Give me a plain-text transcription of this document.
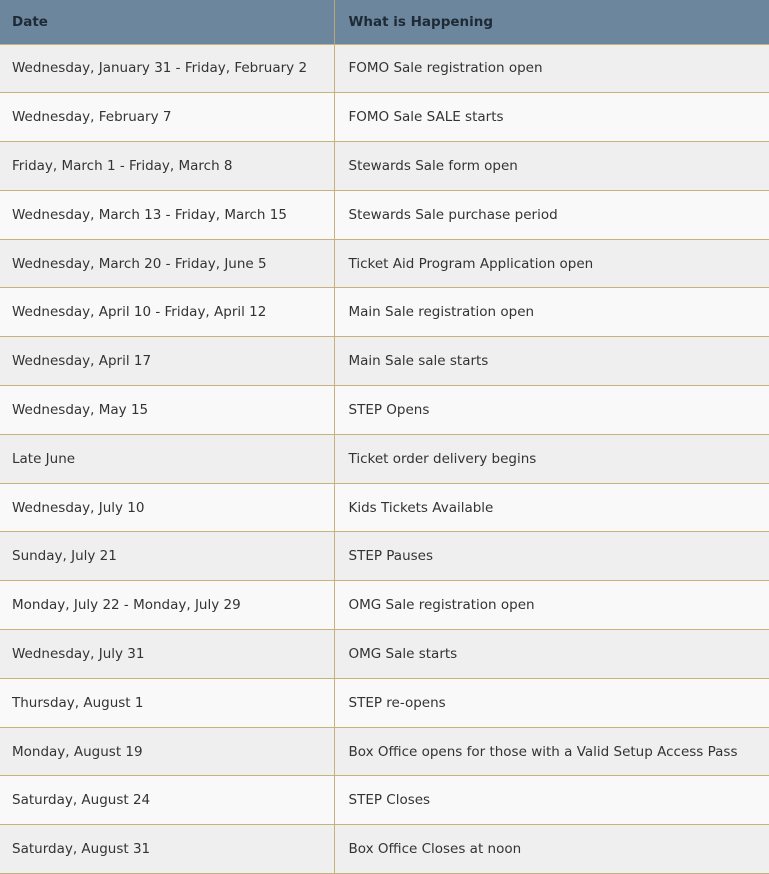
Date	What is Happening
Wednesday, January 31 - Friday, February 2	FOMO Sale registration open
Wednesday, February 7	FOMO Sale SALE starts
Friday, March 1 - Friday, March 8	Stewards Sale form open
Wednesday, March 13 - Friday, March 15	Stewards Sale purchase period
Wednesday, March 20 - Friday, June 5	Ticket Aid Program Application open
Wednesday, April 10 - Friday, April 12	Main Sale registration open
Wednesday, April 17	Main Sale sale starts
Wednesday, May 15	STEP Opens
Late June	Ticket order delivery begins
Wednesday, July 10	Kids Tickets Available
Sunday, July 21	STEP Pauses
Monday, July 22 - Monday, July 29	OMG Sale registration open
Wednesday, July 31	OMG Sale starts
Thursday, August 1	STEP re-opens
Monday, August 19	Box Office opens for those with a Valid Setup Access Pass
Saturday, August 24	STEP Closes
Saturday, August 31	Box Office Closes at noon
